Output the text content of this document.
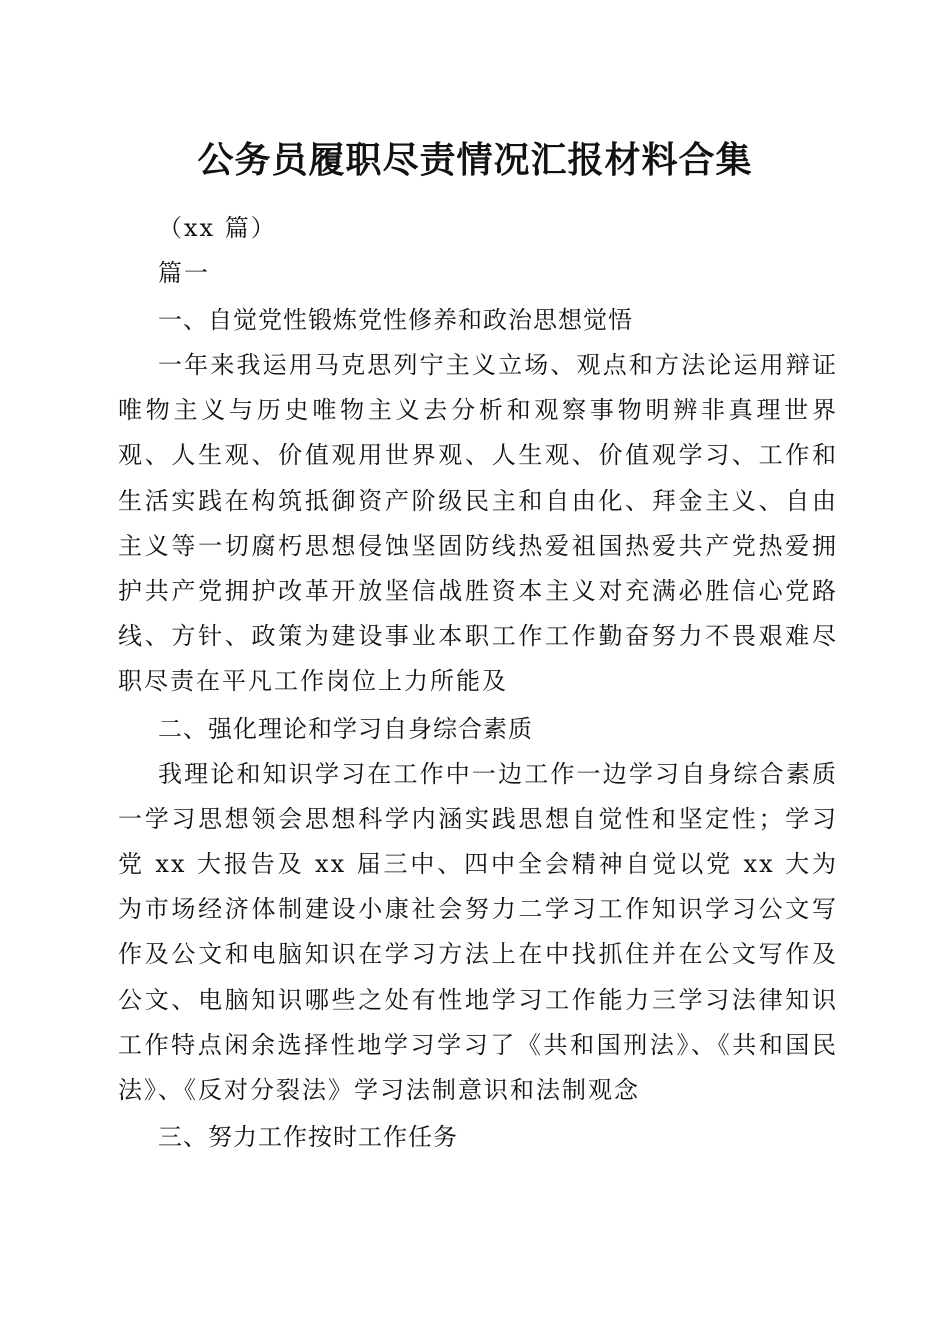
公务员履职尽责情况汇报材料合集

（xx 篇）

篇一

一、自觉党性锻炼党性修养和政治思想觉悟

一年来我运用马克思列宁主义立场、观点和方法论运用辩证唯物主义与历史唯物主义去分析和观察事物明辨非真理世界观、人生观、价值观用世界观、人生观、价值观学习、工作和生活实践在构筑抵御资产阶级民主和自由化、拜金主义、自由主义等一切腐朽思想侵蚀坚固防线热爱祖国热爱共产党热爱拥护共产党拥护改革开放坚信战胜资本主义对充满必胜信心党路线、方针、政策为建设事业本职工作工作勤奋努力不畏艰难尽职尽责在平凡工作岗位上力所能及

二、强化理论和学习自身综合素质

我理论和知识学习在工作中一边工作一边学习自身综合素质一学习思想领会思想科学内涵实践思想自觉性和坚定性；学习党 xx 大报告及 xx 届三中、四中全会精神自觉以党 xx 大为为市场经济体制建设小康社会努力二学习工作知识学习公文写作及公文和电脑知识在学习方法上在中找抓住并在公文写作及公文、电脑知识哪些之处有性地学习工作能力三学习法律知识工作特点闲余选择性地学习学习了《共和国刑法》、《共和国民法》、《反对分裂法》学习法制意识和法制观念

三、努力工作按时工作任务
